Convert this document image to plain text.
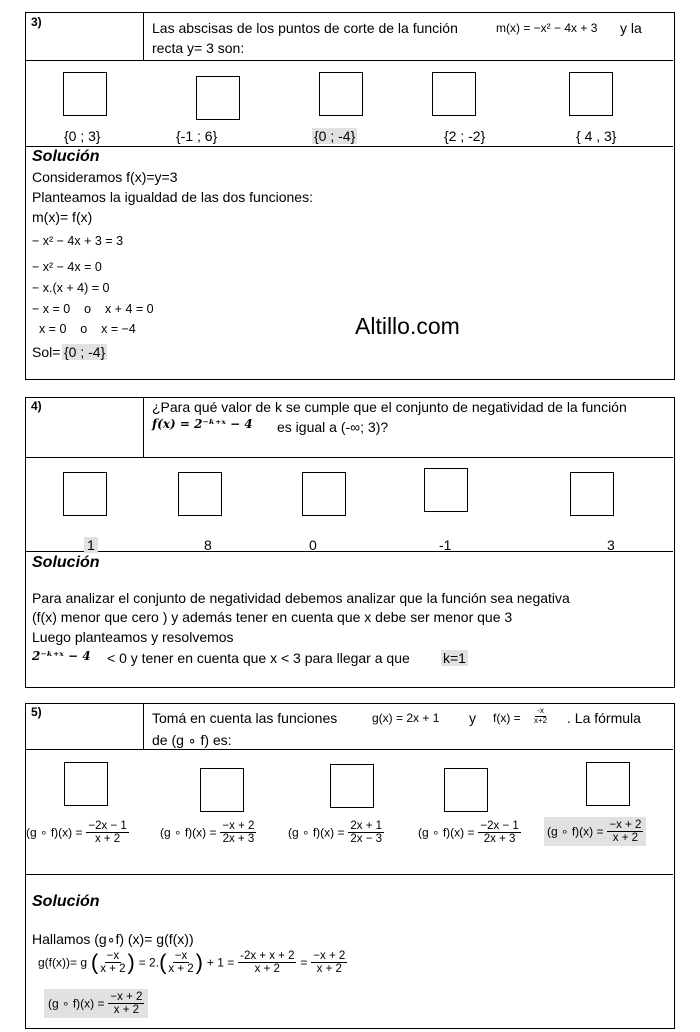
3)	Las abscisas de los puntos de corte de la función	m(x) = −x² − 4x + 3 y la
recta y= 3 son:
{0 ; 3}	{-1 ; 6}	{0 ; -4}	{2 ; -2}	{ 4 , 3}
Solución
Consideramos f(x)=y=3
Planteamos la igualdad de las dos funciones:
m(x)= f(x)
− x² − 4x + 3 = 3
− x² − 4x = 0
− x.(x + 4) = 0
− x = 0    o    x + 4 = 0
x = 0    o    x = −4	Altillo.com
Sol= {0 ; -4}
4)	¿Para qué valor de k se cumple que el conjunto de negatividad de la función
f(x) = 2⁻ᵏ⁺ˣ − 4 es igual a (-∞; 3)?
1	8	0	-1	3
Solución
Para analizar el conjunto de negatividad debemos analizar que la función sea negativa
(f(x) menor que cero ) y además tener en cuenta que x debe ser menor que 3
Luego planteamos y resolvemos
2⁻ᵏ⁺ˣ − 4 < 0 y tener en cuenta que x < 3 para llegar a que k=1
5)	Tomá en cuenta las funciones	g(x) = 2x + 1 y $f(x) = \frac{-x}{x+2}$ . La fórmula
de (g ∘ f) es:
(g ∘ $f)(x) = \frac{-2x - 1}{x + 2}$	(g ∘ $f)(x) = \frac{-x + 2}{2x + 3}$	(g ∘ $f)(x) = \frac{2x + 1}{2x - 3}$	(g ∘ $f)(x) = \frac{-2x - 1}{2x + 3} (g$ ∘ $f)(x) = \frac{-x + 2}{x + 2}$
Solución
Hallamos (g∘f) (x)= g(f(x))
g(f(x))= g ( $\frac{-x}{x + 2}$ ) = $2.( \frac{-x}{x + 2}$ ) + $1 = \frac{-2x + x + 2}{x + 2} = \frac{-x + 2}{x + 2}$
(g ∘ $f)(x) = \frac{-x + 2}{x + 2}$
